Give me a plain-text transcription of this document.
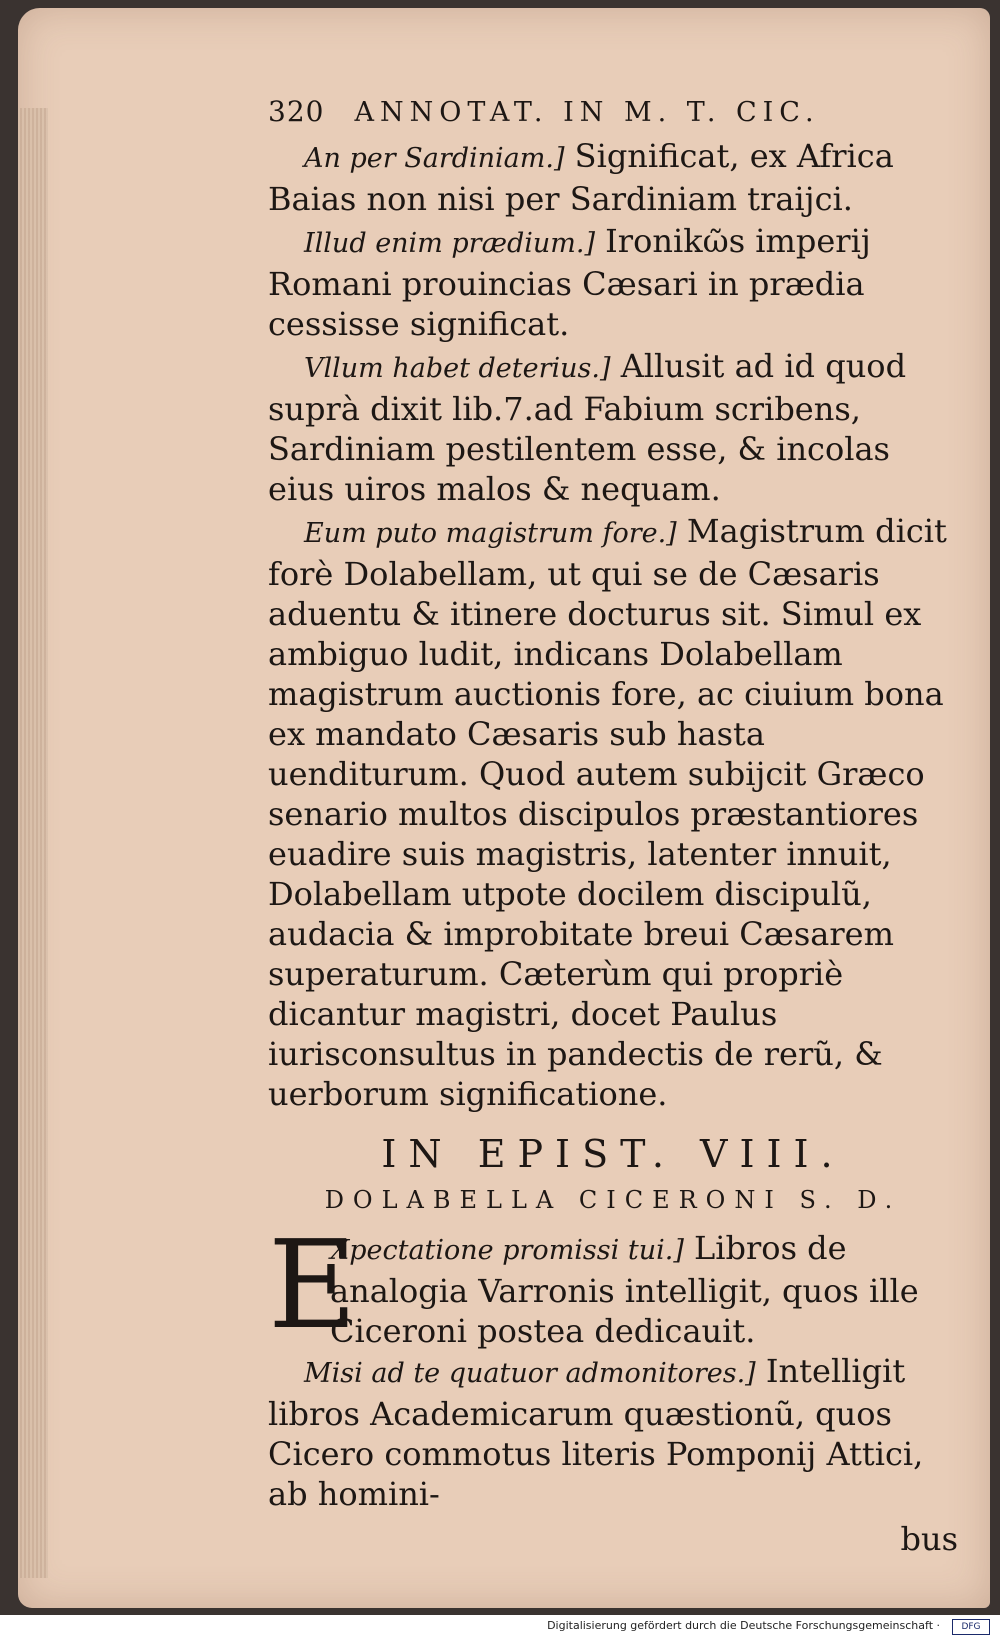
320 ANNOTAT. IN M. T. CIC.

An per Sardiniam.] Significat, ex Africa Baias non nisi per Sardiniam traijci.

Illud enim prædium.] Ironikῶs imperij Romani prouincias Cæsari in prædia cessisse significat.

Vllum habet deterius.] Allusit ad id quod suprà dixit lib.7.ad Fabium scribens, Sardiniam pestilentem esse, & incolas eius uiros malos & nequam.

Eum puto magistrum fore.] Magistrum dicit forè Dolabellam, ut qui se de Cæsaris aduentu & itinere docturus sit. Simul ex ambiguo ludit, indicans Dolabellam magistrum auctionis fore, ac ciuium bona ex mandato Cæsaris sub hasta uenditurum. Quod autem subijcit Græco senario multos discipulos præstantiores euadire suis magistris, latenter innuit, Dolabellam utpote docilem discipulũ, audacia & improbitate breui Cæsarem superaturum. Cæterùm qui propriè dicantur magistri, docet Paulus iurisconsultus in pandectis de rerũ, & uerborum significatione.

IN EPIST. VIII.
DOLABELLA CICERONI S. D.
E
Xpectatione promissi tui.] Libros de analogia Varronis intelligit, quos ille Ciceroni postea dedicauit.

Misi ad te quatuor admonitores.] Intelligit libros Academicarum quæstionũ, quos Cicero commotus literis Pomponij Attici, ab homini-

bus
Digitalisierung gefördert durch die Deutsche Forschungsgemeinschaft ·	DFG
